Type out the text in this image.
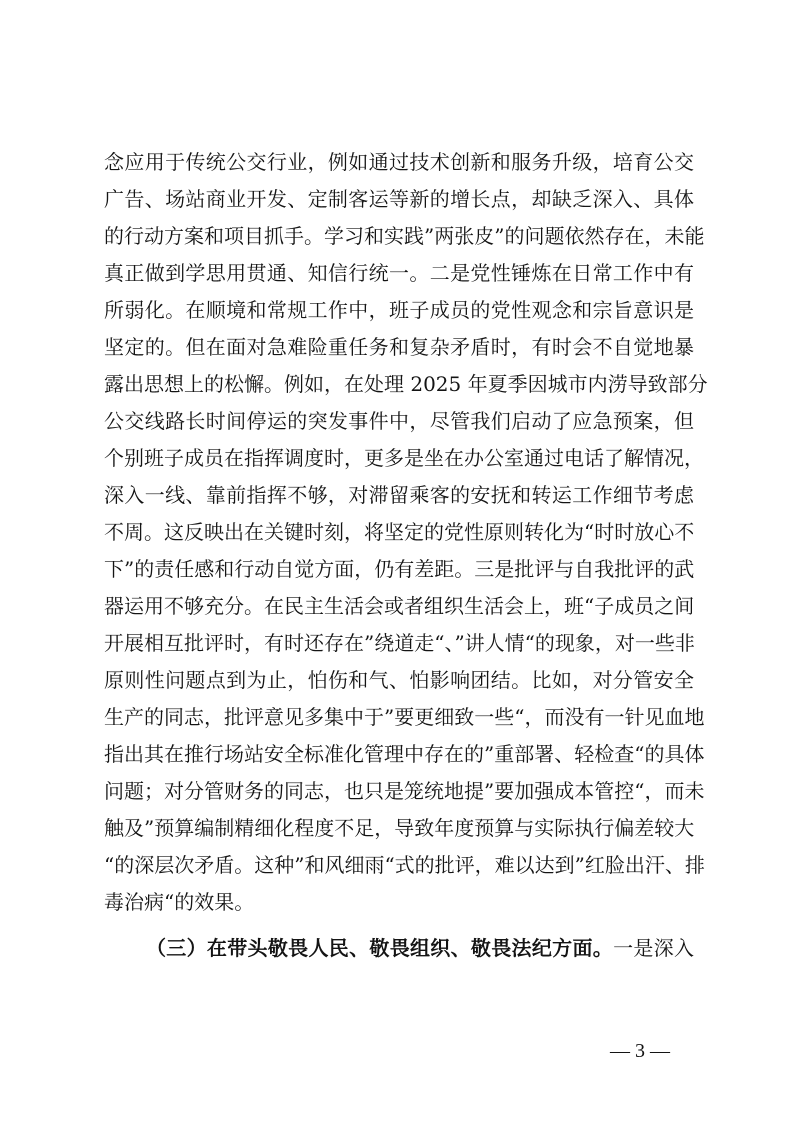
念应用于传统公交行业，例如通过技术创新和服务升级，培育公交
广告、场站商业开发、定制客运等新的增长点，却缺乏深入、具体
的行动方案和项目抓手。学习和实践”两张皮”的问题依然存在，未能
真正做到学思用贯通、知信行统一。二是党性锤炼在日常工作中有
所弱化。在顺境和常规工作中，班子成员的党性观念和宗旨意识是
坚定的。但在面对急难险重任务和复杂矛盾时，有时会不自觉地暴
露出思想上的松懈。例如，在处理 2025 年夏季因城市内涝导致部分
公交线路长时间停运的突发事件中，尽管我们启动了应急预案，但
个别班子成员在指挥调度时，更多是坐在办公室通过电话了解情况，
深入一线、靠前指挥不够，对滞留乘客的安抚和转运工作细节考虑
不周。这反映出在关键时刻，将坚定的党性原则转化为“时时放心不
下”的责任感和行动自觉方面，仍有差距。三是批评与自我批评的武
器运用不够充分。在民主生活会或者组织生活会上，班“子成员之间
开展相互批评时，有时还存在”绕道走“、”讲人情“的现象，对一些非
原则性问题点到为止，怕伤和气、怕影响团结。比如，对分管安全
生产的同志，批评意见多集中于”要更细致一些“，而没有一针见血地
指出其在推行场站安全标准化管理中存在的”重部署、轻检查“的具体
问题；对分管财务的同志，也只是笼统地提”要加强成本管控“，而未
触及”预算编制精细化程度不足，导致年度预算与实际执行偏差较大
“的深层次矛盾。这种”和风细雨“式的批评，难以达到”红脸出汗、排
毒治病“的效果。
（三）在带头敬畏人民、敬畏组织、敬畏法纪方面。一是深入
— 3 —
